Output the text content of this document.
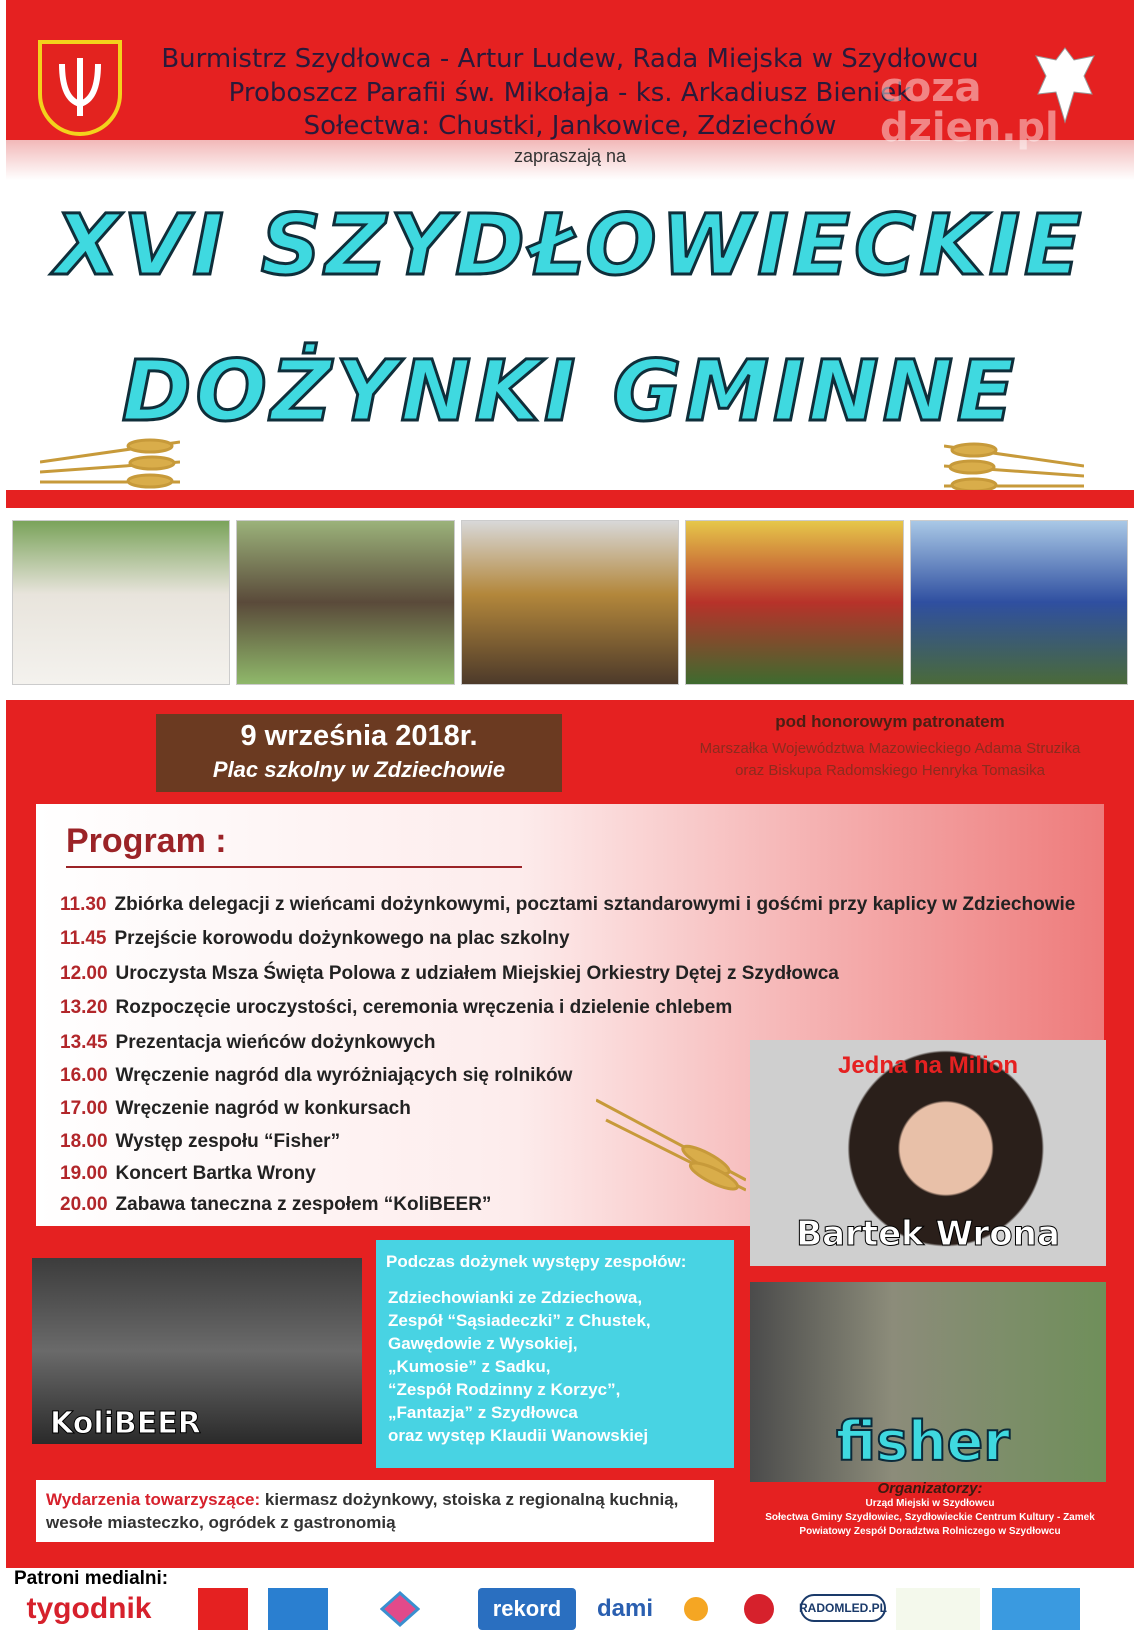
Burmistrz Szydłowca - Artur Ludew, Rada Miejska w Szydłowcu
Proboszcz Parafii św. Mikołaja - ks. Arkadiusz Bieniek
Sołectwa: Chustki, Jankowice, Zdziechów
coza
dzien.pl
zapraszają na
XVI SZYDŁOWIECKIE
DOŻYNKI GMINNE
9 września 2018r.
Plac szkolny w Zdziechowie
pod honorowym patronatem
Marszałka Województwa Mazowieckiego Adama Struzika
oraz Biskupa Radomskiego Henryka Tomasika
Program :
11.30 Zbiórka delegacji z wieńcami dożynkowymi, pocztami sztandarowymi i gośćmi przy kaplicy w Zdziechowie
11.45 Przejście korowodu dożynkowego na plac szkolny
12.00 Uroczysta Msza Święta Polowa z udziałem Miejskiej Orkiestry Dętej z Szydłowca
13.20 Rozpoczęcie uroczystości, ceremonia wręczenia i dzielenie chlebem
13.45 Prezentacja wieńców dożynkowych
16.00 Wręczenie nagród dla wyróżniających się rolników
17.00 Wręczenie nagród w konkursach
18.00 Występ zespołu “Fisher”
19.00 Koncert Bartka Wrony
20.00 Zabawa taneczna z zespołem “KoliBEER”
Jedna na Milion
Bartek Wrona
KoliBEER
Podczas dożynek występy zespołów:
Zdziechowianki ze Zdziechowa,
Zespół “Sąsiadeczki” z Chustek,
Gawędowie z Wysokiej,
„Kumosie” z Sadku,
“Zespół Rodzinny z Korzyc”,
„Fantazja” z Szydłowca
oraz występ Klaudii Wanowskiej	fisher
Wydarzenia towarzyszące: kiermasz dożynkowy, stoiska z regionalną kuchnią, wesołe miasteczko, ogródek z gastronomią
Organizatorzy:
Urząd Miejski w Szydłowcu
Sołectwa Gminy Szydłowiec, Szydłowieckie Centrum Kultury - Zamek
Powiatowy Zespół Doradztwa Rolniczego w Szydłowcu
Patroni medialni:
tygodnik	rekord	dami	RADOMLED.PL
